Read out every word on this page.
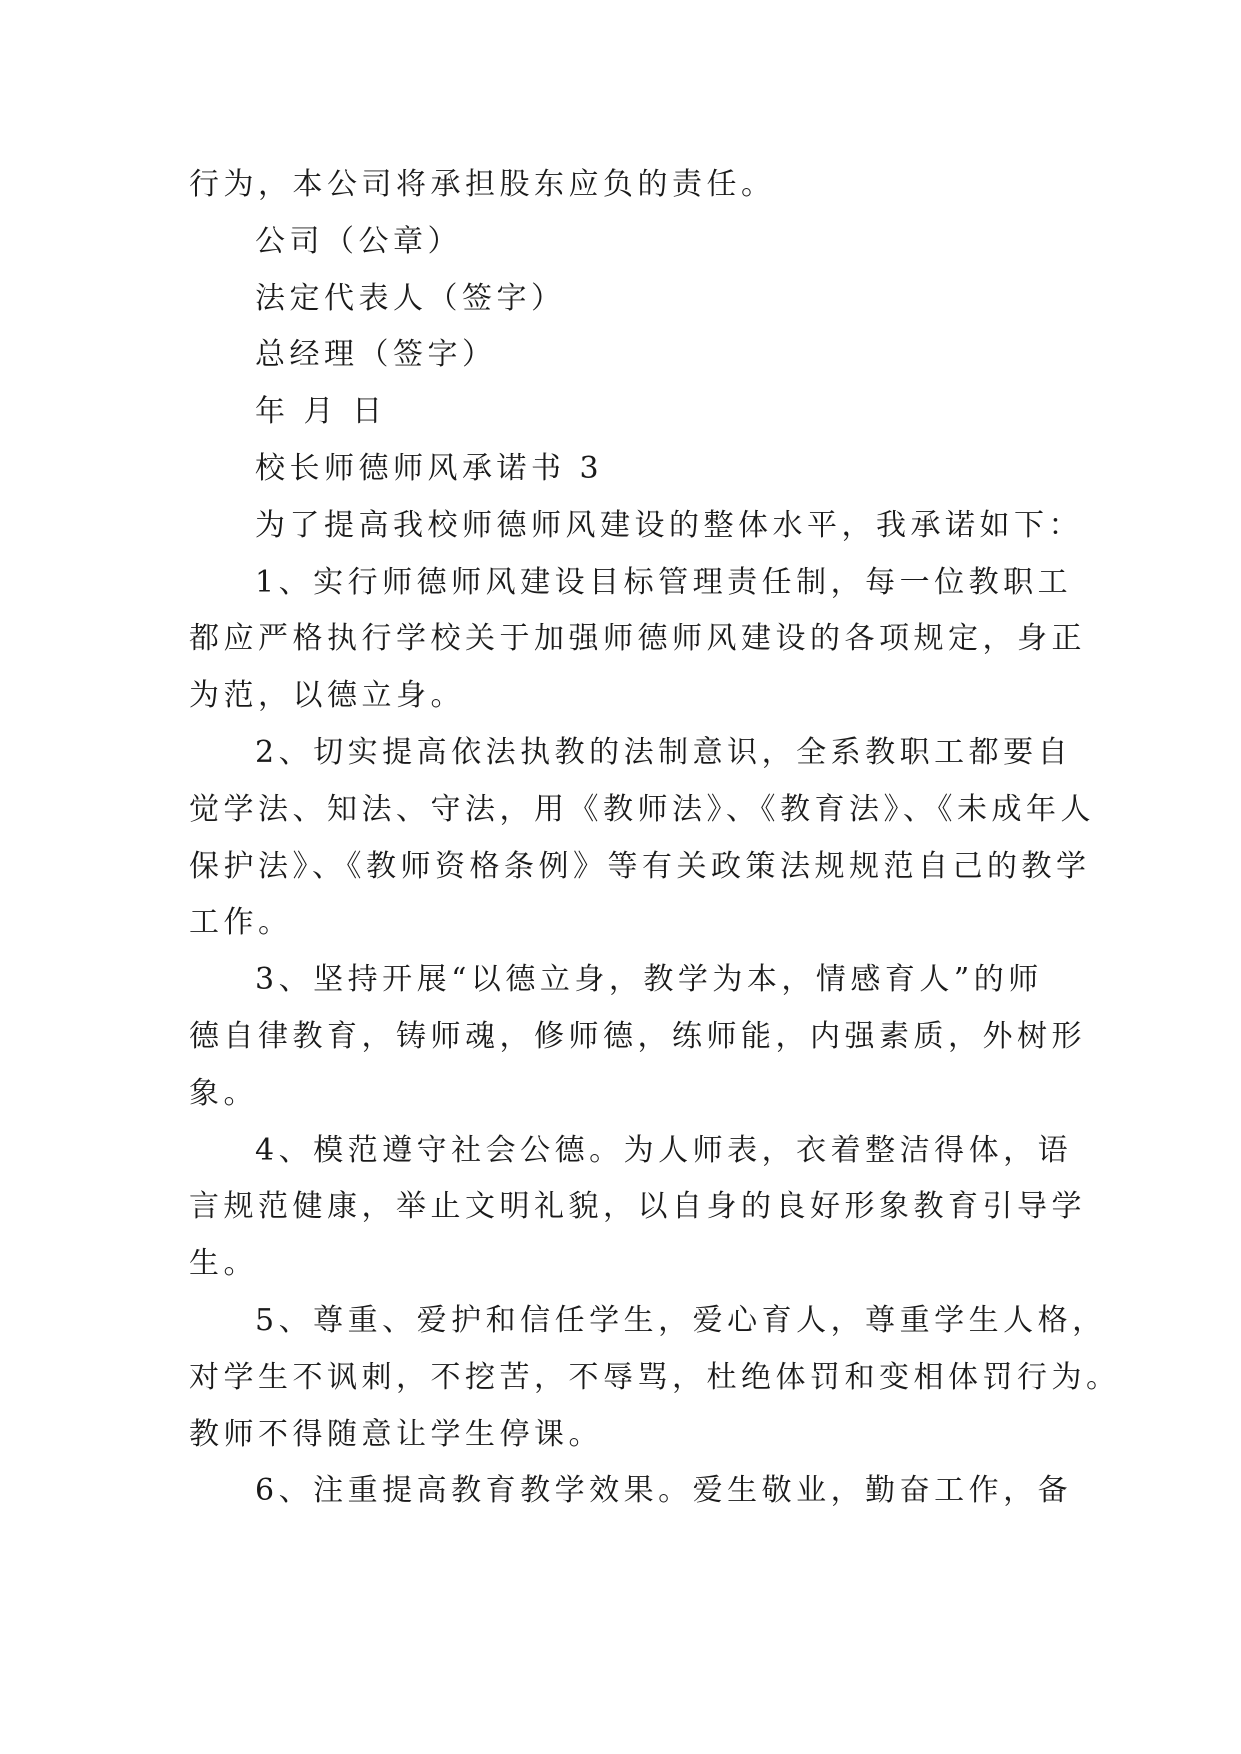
行为，本公司将承担股东应负的责任。
公司（公章）
法定代表人（签字）
总经理（签字）
年 月 日
校长师德师风承诺书 3
为了提高我校师德师风建设的整体水平，我承诺如下：
1、实行师德师风建设目标管理责任制，每一位教职工
都应严格执行学校关于加强师德师风建设的各项规定，身正
为范，以德立身。
2、切实提高依法执教的法制意识，全系教职工都要自
觉学法、知法、守法，用《教师法》、《教育法》、《未成年人
保护法》、《教师资格条例》等有关政策法规规范自己的教学
工作。
3、坚持开展“以德立身，教学为本，情感育人”的师
德自律教育，铸师魂，修师德，练师能，内强素质，外树形
象。
4、模范遵守社会公德。为人师表，衣着整洁得体，语
言规范健康，举止文明礼貌，以自身的良好形象教育引导学
生。
5、尊重、爱护和信任学生，爱心育人，尊重学生人格，
对学生不讽刺，不挖苦，不辱骂，杜绝体罚和变相体罚行为。
教师不得随意让学生停课。
6、注重提高教育教学效果。爱生敬业，勤奋工作，备
